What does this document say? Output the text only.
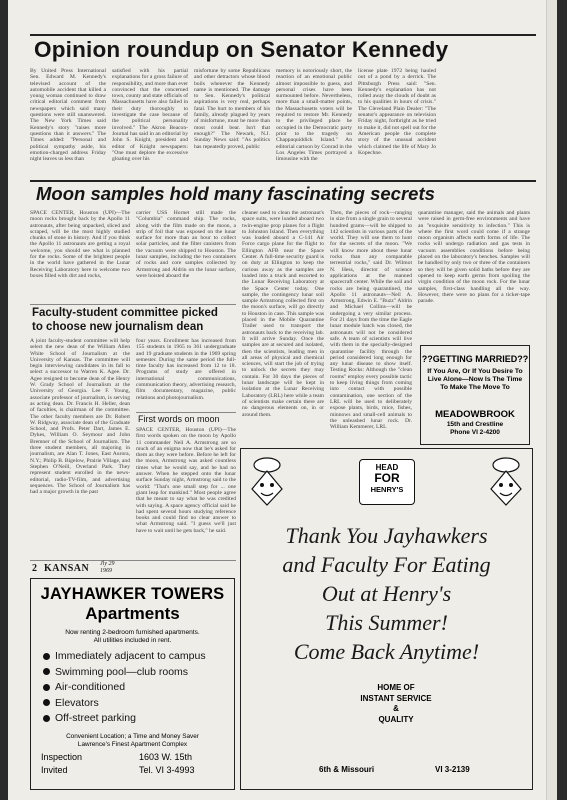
Opinion roundup on Senator Kennedy
By United Press International Sen. Edward M. Kennedy's televised account of the automobile accident that killed a young woman continued to draw critical editorial comment from newspapers which said many questions were still unanswered. The New York Times said Kennedy's story "raises more questions than it answers." The Times added: "Personal and political sympathy aside, his emotion-charged address Friday night leaves us less than
satisfied with his partial explanations for a gross failure of responsibility, and more than ever convinced that the concerned town, county and state officials of Massachusetts have also failed in their duty thoroughly to investigate the case because of the political personality involved." The Akron Beacon-Journal has said in an editorial by John S. Knight, president and editor of Knight newspapers: "One must deplore the excessive gloating over his
misfortune by some Republicans and other detractors whose blood boils whenever the Kennedy name is mentioned. The damage to Sen. Kennedy's political aspirations is very real, perhaps fatal. The hurt to members of his family, already plagued by years of misfortune, must be more than most could bear. Isn't that enough?" The Newark, N.J. Sunday News said: "As politics has repeatedly proved, public
memory is notoriously short, the reaction of an emotional public almost impossible to guess, and personal crises have been surmounted before. Nevertheless, more than a small-matter points, the Massachusetts voters will be required to restore Mr. Kennedy to the privileged place he occupied in the Democratic party prior to the tragedy on Chappaquiddick Island." An editorial cartoon by Conrad in the Los Angeles Times portrayed a limousine with the
license plate 1972 being hauled out of a pond by a derrick. The Pittsburgh Press said: "Sen. Kennedy's explanation has not rolled away the clouds of doubt as to his qualities in hours of crisis." The Cleveland Plain Dealer: "The senator's appearance on television Friday night, forthright as he tried to make it, did not spell out for the American people the complete story of the unusual accident which claimed the life of Mary Jo Kopechne.
Moon samples hold many fascinating secrets
SPACE CENTER, Houston (UPI)—The moon rocks brought back by the Apollo 11 astronauts, after being unpacked, sliced and scraped, will be the most highly studied chunks of stone in history. And if you think the Apollo 11 astronauts are getting a royal welcome, you should see what is planned for the rocks. Some of the brightest people in the world have gathered in the Lunar Receiving Laboratory here to welcome two boxes filled with dirt and rocks,
carrier USS Hornet still made the "Columbia" command ship. The rocks, along with the film made on the moon, a strip of foil that was exposed on the lunar surface for more than an hour to collect solar particles, and the filter canisters from the vacuum were shipped to Houston. The lunar samples, including the two containers of rocks and core samples collected by Armstrong and Aldrin on the lunar surface, were hoisted aboard the
cleaner used to clean the astronaut's space suits, were loaded aboard two twin-engine prop planes for a flight to Johnston Island. Then everything was loaded aboard a C-141 Air Force cargo plane for the flight to Ellington AFB near the Space Center. A full-time security guard is on duty at Ellington to keep the curious away as the samples are loaded into a truck and escorted to the Lunar Receiving Laboratory at the Space Center today. One sample, the contingency lunar soil sample Armstrong collected first on the moon's surface, will go directly to Houston in case. This sample was placed in the Mobile Quarantine Trailer used to transport the astronauts back to the receiving lab. It will arrive Sunday. Once the samples are at secured and isolated, then the scientists, leading men in all areas of physical and chemical sciences, will start the job of trying to unlock the secrets they may contain. For 30 days the pieces of lunar landscape will be kept in isolation at the Lunar Receiving Laboratory (LRL) here while a team of scientists make certain there are no dangerous elements on, in or around them.
Then, the pieces of rock—ranging in size from a single grain to several hundred grams—will be shipped to 142 scientists in various parts of the world. They will use them to hunt for the secrets of the moon. "We will know more about these lunar rocks than any comparable terrestrial rocks," said Dr. Wilmot N. Hess, director of science applications at the manned spacecraft center. While the soil and rocks are being quarantined, the Apollo 11 astronauts—Neil A. Armstrong, Edwin E. "Buzz" Aldrin and Michael Collins—will be undergoing a very similar process. For 21 days from the time the Eagle lunar module hatch was closed, the astronauts will not be considered safe. A team of scientists will live with them in the specially-designed quarantine facility through the period considered long enough for any lunar disease to show itself. Testing Rocks: Although the "clean rooms" employ every possible tactic to keep living things from coming into contact with possible contamination, one section of the LRL will be used to deliberately expose plants, birds, mice, fishes, minnows and small-cell animals to the unleashed lunar rock. Dr. William Kemmerer, LRL
quarantine manager, said the animals and plants were raised in germ-free environments and have an "exquisite sensitivity to infection." This is where the first word could come if a strange moon organism affects earth forms of life. The rocks will undergo radiation and gas tests in vacuum assemblies conditions before being placed on the laboratory's benches. Samples will be handled by only two or three of the containers so they will be given solid baths before they are opened to keep earth germs from spoiling the virgin condition of the moon rock. For the lunar samples, first-class handling all the way. However, there were no plans for a ticker-tape parade.
Faculty-student committee picked
to choose new journalism dean
A joint faculty-student committee will help select the new dean of the William Allen White School of Journalism at the University of Kansas. The committee will begin interviewing candidates in its fall to select a successor to Warren K. Agee. Dr. Agee resigned to become dean of the Henry W. Grady School of Journalism at the University of Georgia. Lee F. Young, associate professor of journalism, is serving as acting dean. Dr. Francis H. Heller, dean of faculties, is chairman of the committee. The other faculty members are Dr. Robert W. Ridgway, associate dean of the Graduate School, and Profs. Peter Dart, James E. Dykes, William O. Seymour and John Bremner of the School of Journalism. The three student members, all majoring in journalism, are Alan T. Jones, East Aurora, N.Y.; Philip B. Bigelow, Prairie Village, and Stephen O'Neill, Overland Park. They represent student enrolled in the news-editorial, radio-TV-film, and advertising sequences. The School of Journalism has had a major growth in the past
four years. Enrollment has increased from 155 students in 1965 to 361 undergraduate and 19 graduate students in the 1969 spring semester. During the same period the full-time faculty has increased from 12 to 18. Programs of study are offered in international communications, communication theory, advertising research, film documentary, magazine, public relations and photojournalism.
First words on moon
SPACE CENTER, Houston (UPI)—The first words spoken on the moon by Apollo 11 commander Neil A. Armstrong are so much of an enigma now that he's asked for them as they were before. Before he left for the moon, Armstrong was asked countless times what he would say, and he had no answer. When he stepped onto the lunar surface Sunday night, Armstrong said to the world: "That's one small step for ... one giant leap for mankind." Most people agree that he meant to say what he was credited with saying. A space agency official said he had spent several hours studying reference books and could find no clear answer to what Armstrong said. "I guess we'll just have to wait until he gets back," he said.
2 KANSAN Jly 29
1969
??GETTING MARRIED??
If You Are, Or If You Desire To Live Alone—Now Is The Time To Make The Move To
MEADOWBROOK
15th and Crestline
Phone VI 2-4200
HEAD
FOR
HENRY'S
Thank You Jayhawkers
and Faculty For Eating
Out at Henry's
This Summer!
Come Back Anytime!
HOME OF
INSTANT SERVICE
&
QUALITY
6th & Missouri	VI 3-2139
JAYHAWKER TOWERS
Apartments
Now renting 2-bedroom furnished apartments.
All utilities included in rent.
Immediately adjacent to campus
Swimming pool—club rooms
Air-conditioned
Elevators
Off-street parking
Convenient Location; a Time and Money Saver
Lawrence's Finest Apartment Complex
Inspection
Invited
1603 W. 15th
Tel. VI 3-4993
